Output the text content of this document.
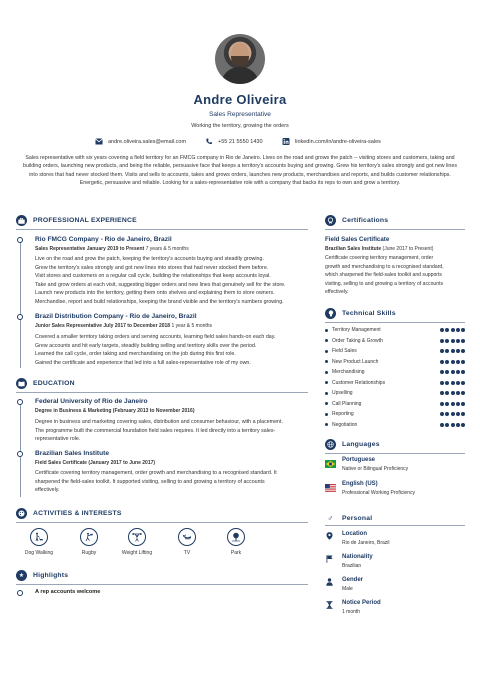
Andre Oliveira
Sales Representative
Working the territory, growing the orders
andre.oliveira.sales@email.com	+55 21 5550 1430	linkedin.com/in/andre-oliveira-sales
Sales representative with six years covering a field territory for an FMCG company in Rio de Janeiro. Lives on the road and grows the patch -- visiting stores and customers, taking and building orders, launching new products, and being the reliable, persuasive face that keeps a territory's accounts buying and growing. Grew his territory's sales strongly and got new lines into stores that had never stocked them. Visits and sells to accounts, takes and grows orders, launches new products, merchandises and reports, and builds customer relationships. Energetic, persuasive and reliable. Looking for a sales-representative role with a company that backs its reps to own and grow a territory.
PROFESSIONAL EXPERIENCE
Rio FMCG Company - Rio de Janeiro, Brazil
Sales Representative January 2019 to Present 7 years & 5 months
Live on the road and grow the patch, keeping the territory's accounts buying and steadily growing.
Grew the territory's sales strongly and got new lines into stores that had never stocked them before.
Visit stores and customers on a regular call cycle, building the relationships that keep accounts loyal.
Take and grow orders at each visit, suggesting bigger orders and new lines that genuinely sell for the store.
Launch new products into the territory, getting them onto shelves and explaining them to store owners.
Merchandise, report and build relationships, keeping the brand visible and the territory's numbers growing.
Brazil Distribution Company - Rio de Janeiro, Brazil
Junior Sales Representative July 2017 to December 2018 1 year & 5 months
Covered a smaller territory taking orders and serving accounts, learning field sales hands-on each day.
Grew accounts and hit early targets, steadily building selling and territory skills over the period.
Learned the call cycle, order taking and merchandising on the job during this first role.
Gained the certificate and experience that led into a full sales-representative role of my own.
EDUCATION
Federal University of Rio de Janeiro
Degree in Business & Marketing (February 2013 to November 2016)
Degree in business and marketing covering sales, distribution and consumer behaviour, with a placement.
The programme built the commercial foundation field sales requires. It led directly into a territory sales-
representative role.
Brazilian Sales Institute
Field Sales Certificate (January 2017 to June 2017)
Certificate covering territory management, order growth and merchandising to a recognised standard. It
sharpened the field-sales toolkit. It supported visiting, selling to and growing a territory of accounts
effectively.
ACTIVITIES & INTERESTS
Dog Walking	Rugby	Weight Lifting	TV	Park
★	Highlights
A rep accounts welcome
Certifications
Field Sales Certificate
Brazilian Sales Institute (June 2017 to Present)
Certificate covering territory management, order
growth and merchandising to a recognised standard,
which sharpened the field-sales toolkit and supports
visiting, selling to and growing a territory of accounts
effectively.
Technical Skills
Territory Management
Order Taking & Growth
Field Sales
New Product Launch
Merchandising
Customer Relationships
Upselling
Call Planning
Reporting
Negotiation
Languages
Portuguese
Native or Bilingual Proficiency
English (US)
Professional Working Proficiency
♂	Personal
Location
Rio de Janeiro, Brazil
Nationality
Brazilian
Gender
Male
Notice Period
1 month
